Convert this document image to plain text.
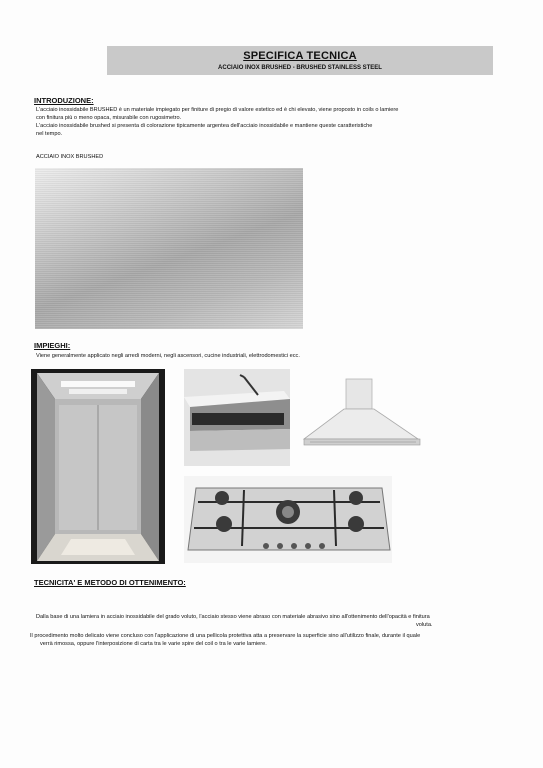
SPECIFICA TECNICA
ACCIAIO INOX BRUSHED - BRUSHED STAINLESS STEEL
INTRODUZIONE:
L'acciaio inossidabile BRUSHED è un materiale impiegato per finiture di pregio di valore estetico ed è chi elevato, viene proposto in coils o lamiere
con finitura più o meno opaca, misurabile con rugosimetro.
L'acciaio inossidabile brushed si presenta di colorazione tipicamente argentea dell'acciaio inossidabile e mantiene queste caratteristiche
nel tempo.
ACCIAIO INOX BRUSHED
IMPIEGHI:
Viene generalmente applicato negli arredi moderni, negli ascensori, cucine industriali, elettrodomestici ecc.
TECNICITA' E METODO DI OTTENIMENTO:
Dalla base di una lamiera in acciaio inossidabile del grado voluto, l'acciaio stesso viene abraso con materiale abrasivo sino all'ottenimento dell'opacità e finitura
voluta.
Il procedimento molto delicato viene concluso con l'applicazione di una pellicola protettiva atta a preservare la superficie sino all'utilizzo finale, durante il quale
verrà rimossa, oppure l'interposizione di carta tra le varie spire del coil o tra le varie lamiere.
